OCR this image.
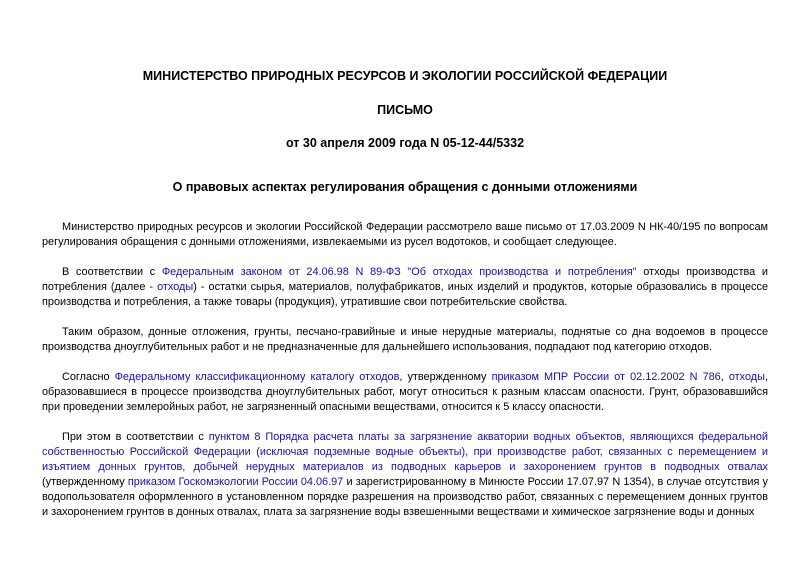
МИНИСТЕРСТВО ПРИРОДНЫХ РЕСУРСОВ И ЭКОЛОГИИ РОССИЙСКОЙ ФЕДЕРАЦИИ

ПИСЬМО

от 30 апреля 2009 года N 05-12-44/5332

О правовых аспектах регулирования обращения с донными отложениями

Министерство природных ресурсов и экологии Российской Федерации рассмотрело ваше письмо от 17.03.2009 N НК-40/195 по вопросам регулирования обращения с донными отложениями, извлекаемыми из русел водотоков, и сообщает следующее.

В соответствии с Федеральным законом от 24.06.98 N 89-ФЗ "Об отходах производства и потребления" отходы производства и потребления (далее - отходы) - остатки сырья, материалов, полуфабрикатов, иных изделий и продуктов, которые образовались в процессе производства и потребления, а также товары (продукция), утратившие свои потребительские свойства.

Таким образом, донные отложения, грунты, песчано-гравийные и иные нерудные материалы, поднятые со дна водоемов в процессе производства дноуглубительных работ и не предназначенные для дальнейшего использования, подпадают под категорию отходов.

Согласно Федеральному классификационному каталогу отходов, утвержденному приказом МПР России от 02.12.2002 N 786, отходы, образовавшиеся в процессе производства дноуглубительных работ, могут относиться к разным классам опасности. Грунт, образовавшийся при проведении землеройных работ, не загрязненный опасными веществами, относится к 5 классу опасности.

При этом в соответствии с пунктом 8 Порядка расчета платы за загрязнение акватории водных объектов, являющихся федеральной собственностью Российской Федерации (исключая подземные водные объекты), при производстве работ, связанных с перемещением и изъятием донных грунтов, добычей нерудных материалов из подводных карьеров и захоронением грунтов в подводных отвалах (утвержденному приказом Госкомэкологии России 04.06.97 и зарегистрированному в Минюсте России 17.07.97 N 1354), в случае отсутствия у водопользователя оформленного в установленном порядке разрешения на производство работ, связанных с перемещением донных грунтов и захоронением грунтов в донных отвалах, плата за загрязнение воды взвешенными веществами и химическое загрязнение воды и донных
